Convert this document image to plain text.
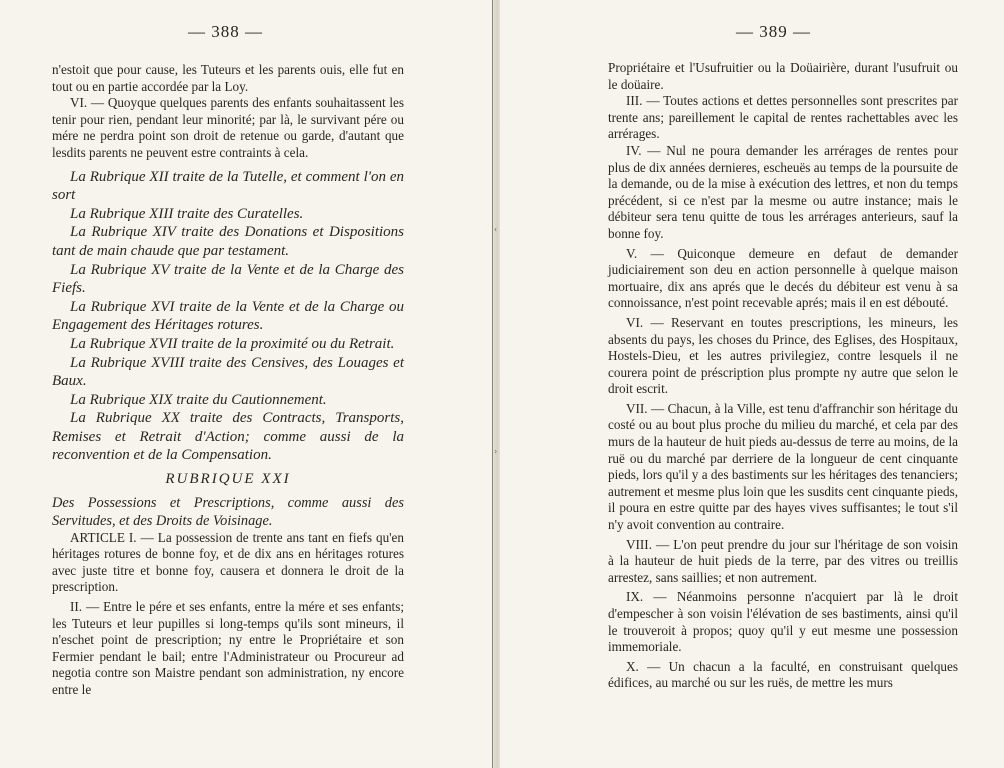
— 388 —

n'estoit que pour cause, les Tuteurs et les parents ouis, elle fut en tout ou en partie accordée par la Loy.

VI. — Quoyque quelques parents des enfants souhaitassent les tenir pour rien, pendant leur minorité; par là, le survivant pére ou mére ne perdra point son droit de retenue ou garde, d'autant que lesdits parents ne peuvent estre contraints à cela.

La Rubrique XII traite de la Tutelle, et comment l'on en sort

La Rubrique XIII traite des Curatelles.

La Rubrique XIV traite des Donations et Dispositions tant de main chaude que par testament.

La Rubrique XV traite de la Vente et de la Charge des Fiefs.

La Rubrique XVI traite de la Vente et de la Charge ou Engagement des Héritages rotures.

La Rubrique XVII traite de la proximité ou du Retrait.

La Rubrique XVIII traite des Censives, des Louages et Baux.

La Rubrique XIX traite du Cautionnement.

La Rubrique XX traite des Contracts, Transports, Remises et Retrait d'Action; comme aussi de la reconvention et de la Compensation.

RUBRIQUE XXI

Des Possessions et Prescriptions, comme aussi des Servitudes, et des Droits de Voisinage.

ARTICLE I. — La possession de trente ans tant en fiefs qu'en héritages rotures de bonne foy, et de dix ans en héritages rotures avec juste titre et bonne foy, causera et donnera le droit de la prescription.

II. — Entre le pére et ses enfants, entre la mére et ses enfants; les Tuteurs et leur pupilles si long-temps qu'ils sont mineurs, il n'eschet point de prescription; ny entre le Propriétaire et son Fermier pendant le bail; entre l'Administrateur ou Procureur ad negotia contre son Maistre pendant son administration, ny encore entre le

‹
›
— 389 —

Propriétaire et l'Usufruitier ou la Doüairière, durant l'usufruit ou le doüaire.

III. — Toutes actions et dettes personnelles sont prescrites par trente ans; pareillement le capital de rentes rachettables avec les arrérages.

IV. — Nul ne poura demander les arrérages de rentes pour plus de dix années dernieres, escheuës au temps de la poursuite de la demande, ou de la mise à exécution des lettres, et non du temps précédent, si ce n'est par la mesme ou autre instance; mais le débiteur sera tenu quitte de tous les arrérages anterieurs, sauf la bonne foy.

V. — Quiconque demeure en defaut de demander judiciairement son deu en action personnelle à quelque maison mortuaire, dix ans aprés que le decés du débiteur est venu à sa connoissance, n'est point recevable aprés; mais il en est débouté.

VI. — Reservant en toutes prescriptions, les mineurs, les absents du pays, les choses du Prince, des Eglises, des Hospitaux, Hostels-Dieu, et les autres privilegiez, contre lesquels il ne courera point de préscription plus prompte ny autre que selon le droit escrit.

VII. — Chacun, à la Ville, est tenu d'affranchir son héritage du costé ou au bout plus proche du milieu du marché, et cela par des murs de la hauteur de huit pieds au-dessus de terre au moins, de la ruë ou du marché par derriere de la longueur de cent cinquante pieds, lors qu'il y a des bastiments sur les héritages des tenanciers; autrement et mesme plus loin que les susdits cent cinquante pieds, il poura en estre quitte par des hayes vives suffisantes; le tout s'il n'y avoit convention au contraire.

VIII. — L'on peut prendre du jour sur l'héritage de son voisin à la hauteur de huit pieds de la terre, par des vitres ou treillis arrestez, sans saillies; et non autrement.

IX. — Néanmoins personne n'acquiert par là le droit d'empescher à son voisin l'élévation de ses bastiments, ainsi qu'il le trouveroit à propos; quoy qu'il y eut mesme une possession immemoriale.

X. — Un chacun a la faculté, en construisant quelques édifices, au marché ou sur les ruës, de mettre les murs
